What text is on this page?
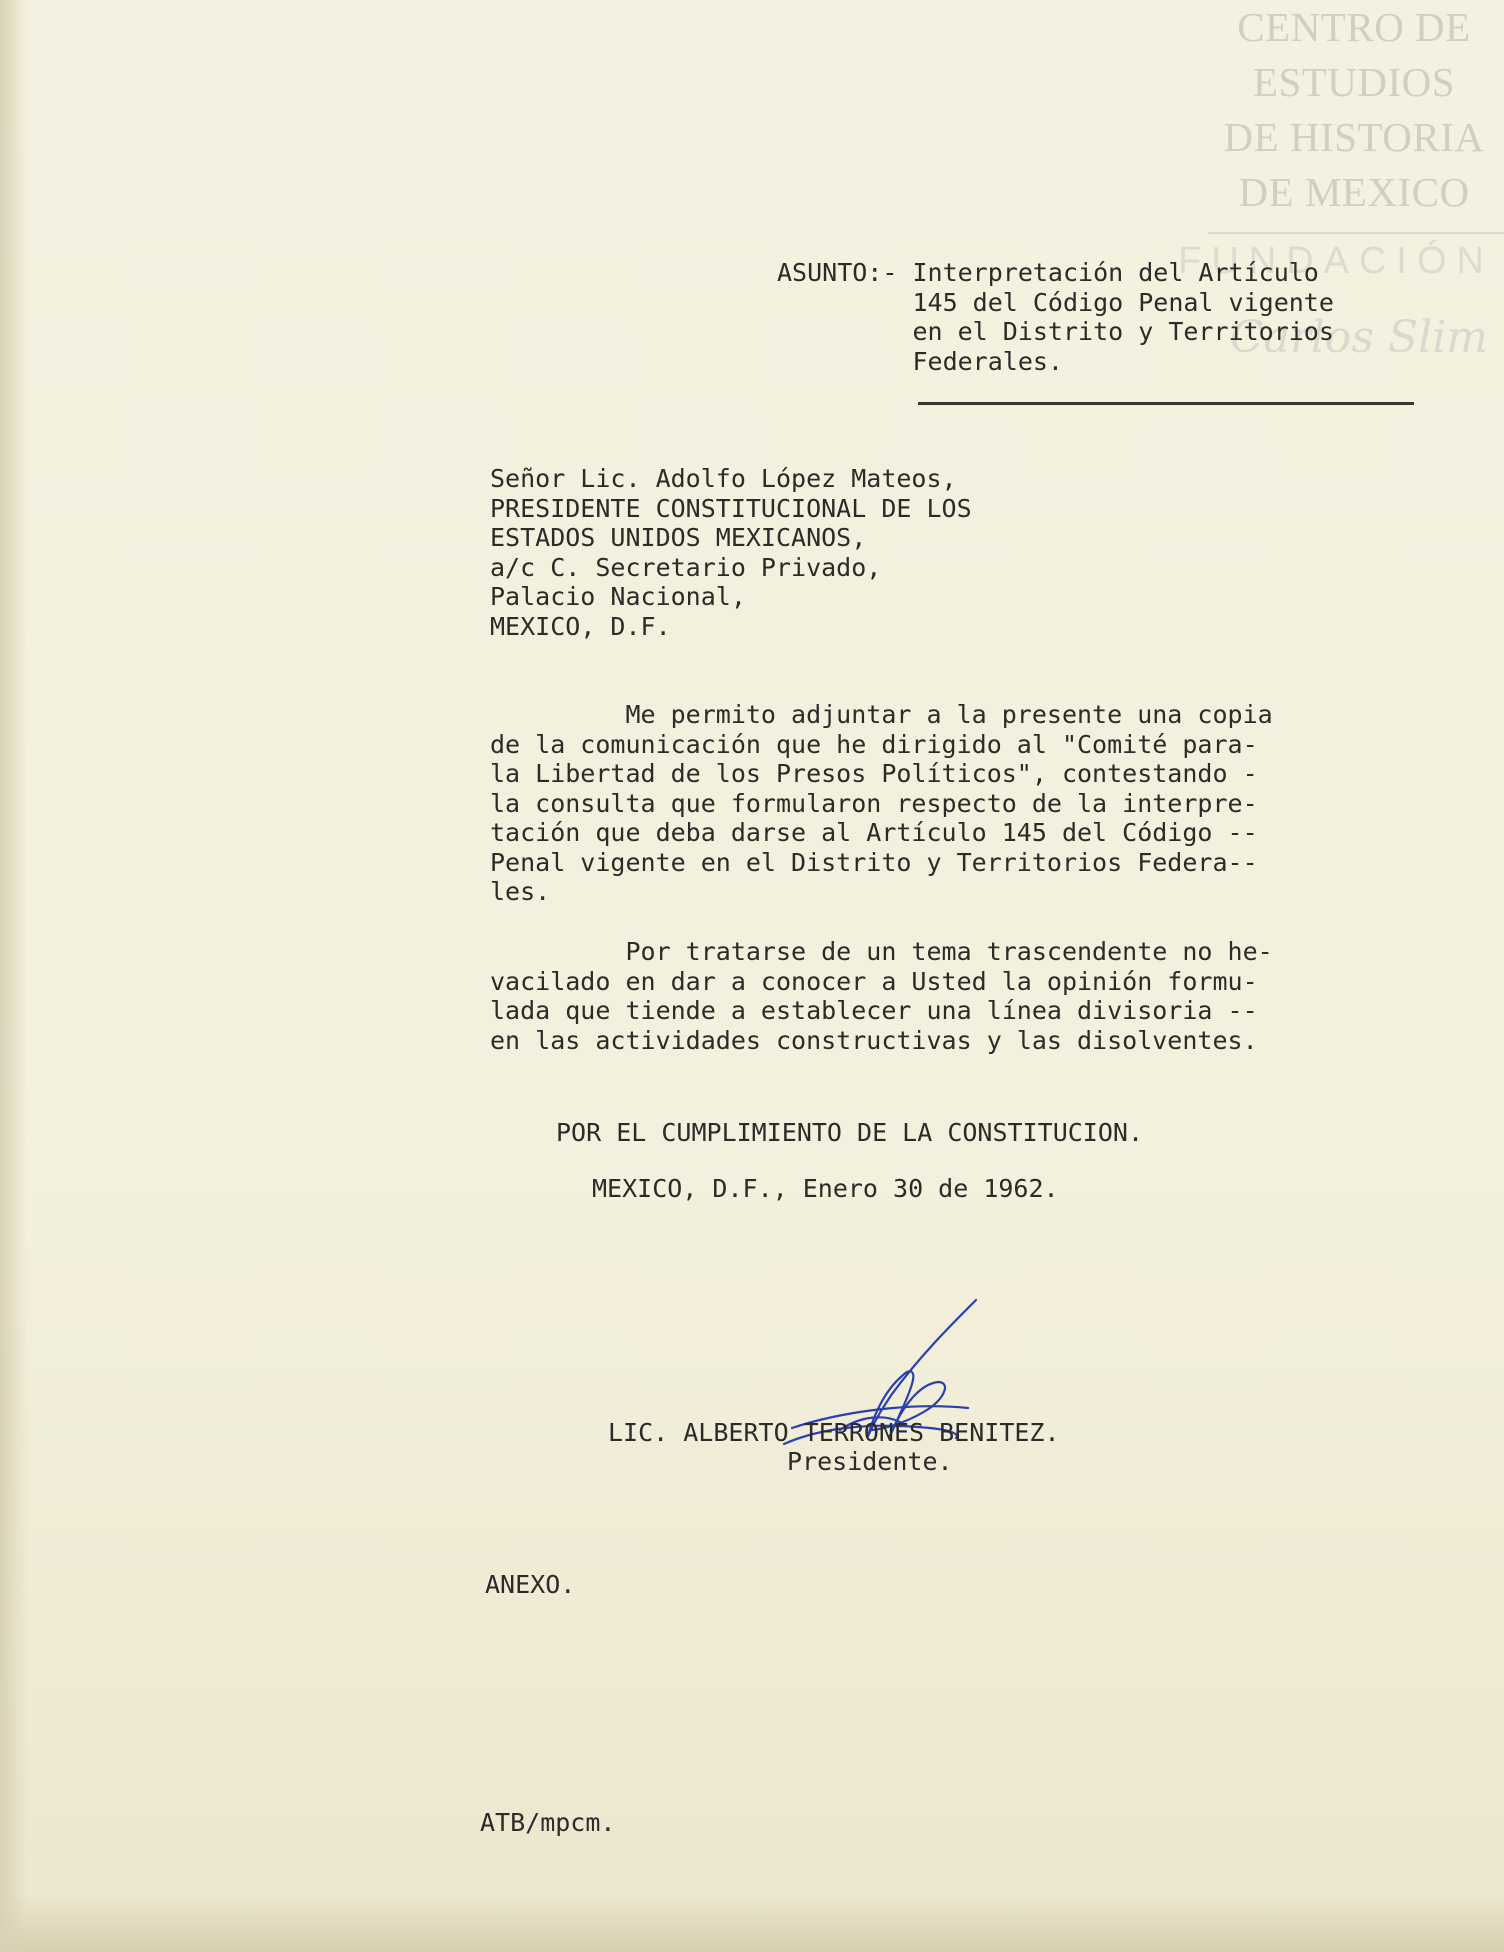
CENTRO DE
ESTUDIOS
DE HISTORIA
DE MEXICO
FUNDACIÓN
Carlos Slim
ASUNTO:- Interpretación del Artículo
145 del Código Penal vigente
en el Distrito y Territorios
Federales.
Señor Lic. Adolfo López Mateos,
PRESIDENTE CONSTITUCIONAL DE LOS
ESTADOS UNIDOS MEXICANOS,
a/c C. Secretario Privado,
Palacio Nacional,
MEXICO, D.F.
Me permito adjuntar a la presente una copia
de la comunicación que he dirigido al "Comité para-
la Libertad de los Presos Políticos", contestando -
la consulta que formularon respecto de la interpre-
tación que deba darse al Artículo 145 del Código --
Penal vigente en el Distrito y Territorios Federa--
les.
Por tratarse de un tema trascendente no he-
vacilado en dar a conocer a Usted la opinión formu-
lada que tiende a establecer una línea divisoria --
en las actividades constructivas y las disolventes.
POR EL CUMPLIMIENTO DE LA CONSTITUCION.
MEXICO, D.F., Enero 30 de 1962.
LIC. ALBERTO TERRONES BENITEZ.
Presidente.
ANEXO.
ATB/mpcm.
